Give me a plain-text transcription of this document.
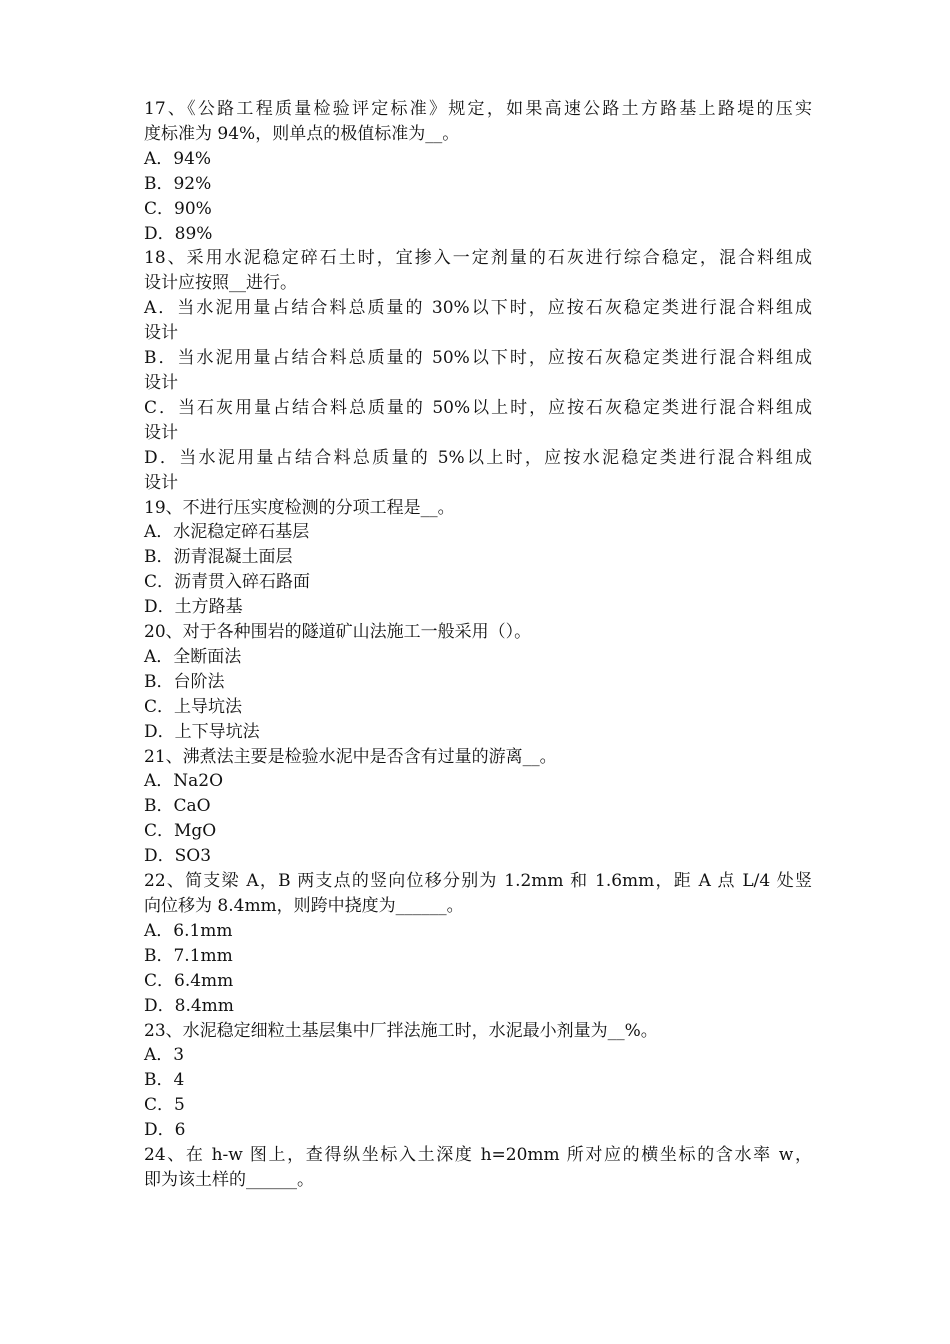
17、《公路工程质量检验评定标准》规定，如果高速公路土方路基上路堤的压实
度标准为 94%，则单点的极值标准为__。
A．94%
B．92%
C．90%
D．89%
18、采用水泥稳定碎石土时，宜掺入一定剂量的石灰进行综合稳定，混合料组成
设计应按照__进行。
A．当水泥用量占结合料总质量的 30%以下时，应按石灰稳定类进行混合料组成
设计
B．当水泥用量占结合料总质量的 50%以下时，应按石灰稳定类进行混合料组成
设计
C．当石灰用量占结合料总质量的 50%以上时，应按石灰稳定类进行混合料组成
设计
D．当水泥用量占结合料总质量的 5%以上时，应按水泥稳定类进行混合料组成
设计
19、不进行压实度检测的分项工程是__。
A．水泥稳定碎石基层
B．沥青混凝土面层
C．沥青贯入碎石路面
D．土方路基
20、对于各种围岩的隧道矿山法施工一般采用（）。
A．全断面法
B．台阶法
C．上导坑法
D．上下导坑法
21、沸煮法主要是检验水泥中是否含有过量的游离__。
A．Na2O
B．CaO
C．MgO
D．SO3
22、简支梁 A，B 两支点的竖向位移分别为 1.2mm 和 1.6mm，距 A 点 L/4 处竖
向位移为 8.4mm，则跨中挠度为______。
A．6.1mm
B．7.1mm
C．6.4mm
D．8.4mm
23、水泥稳定细粒土基层集中厂拌法施工时，水泥最小剂量为__%。
A．3
B．4
C．5
D．6
24、在 h-w 图上，查得纵坐标入土深度 h=20mm 所对应的横坐标的含水率 w，
即为该土样的______。
